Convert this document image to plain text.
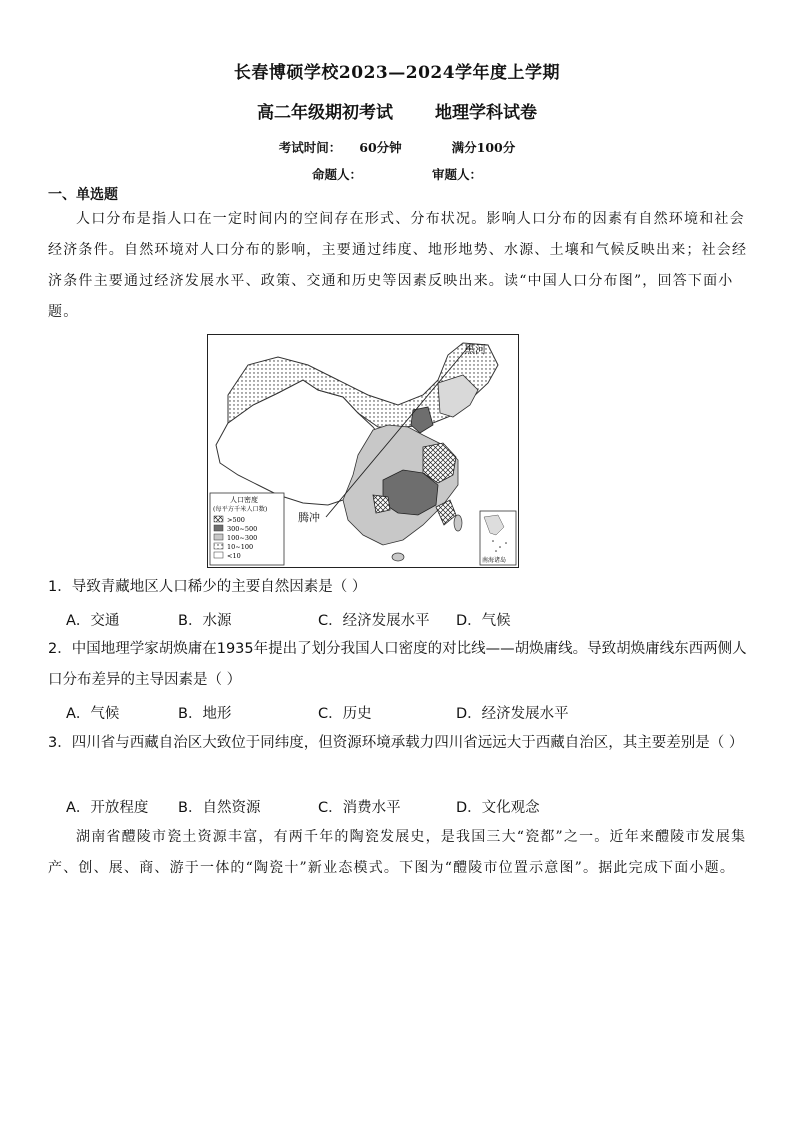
长春博硕学校2023—2024学年度上学期
高二年级期初考试 地理学科试卷
考试时间： 60分钟	满分100分
命题人：	审题人：
一、单选题
人口分布是指人口在一定时间内的空间存在形式、分布状况。影响人口分布的因素有自然环境和社会经济条件。自然环境对人口分布的影响，主要通过纬度、地形地势、水源、土壤和气候反映出来；社会经济条件主要通过经济发展水平、政策、交通和历史等因素反映出来。读“中国人口分布图”，回答下面小题。
黑河
腾冲
人口密度
(每平方千米人口数)
>500
300~500
100~300
10~100
<10
南海诸岛
1．导致青藏地区人口稀少的主要自然因素是（ ）
A．交通	B．水源	C．经济发展水平 D．气候
2．中国地理学家胡焕庸在1935年提出了划分我国人口密度的对比线——胡焕庸线。导致胡焕庸线东西两侧人口分布差异的主导因素是（ ）
A．气候	B．地形	C．历史	D．经济发展水平
3．四川省与西藏自治区大致位于同纬度，但资源环境承载力四川省远远大于西藏自治区，其主要差别是（ ）
A．开放程度 B．自然资源	C．消费水平	D．文化观念
湖南省醴陵市瓷土资源丰富，有两千年的陶瓷发展史，是我国三大“瓷都”之一。近年来醴陵市发展集产、创、展、商、游于一体的“陶瓷十”新业态模式。下图为“醴陵市位置示意图”。据此完成下面小题。
